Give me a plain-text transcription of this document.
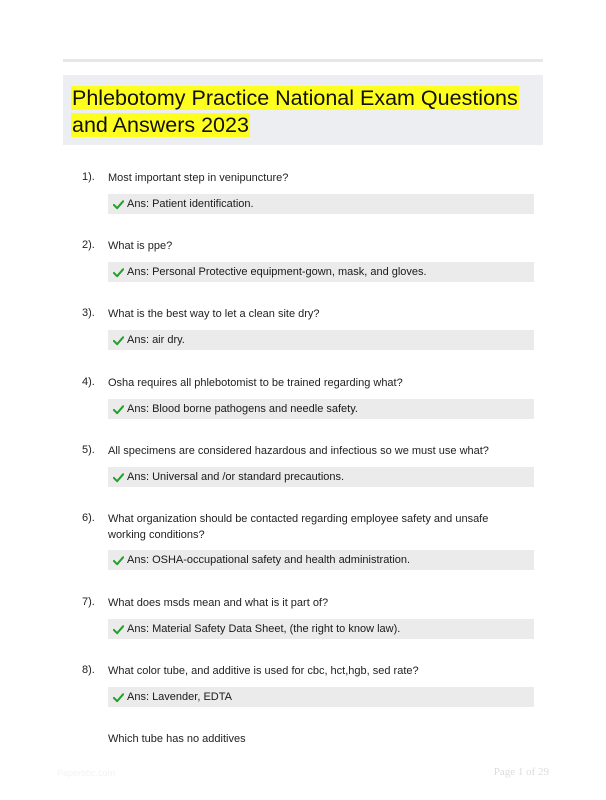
Phlebotomy Practice National Exam Questions and Answers 2023
1). Most important step in venipuncture?
Ans: Patient identification.
2). What is ppe?
Ans: Personal Protective equipment-gown, mask, and gloves.
3). What is the best way to let a clean site dry?
Ans: air dry.
4). Osha requires all phlebotomist to be trained regarding what?
Ans: Blood borne pathogens and needle safety.
5). All specimens are considered hazardous and infectious so we must use what?
Ans: Universal and /or standard precautions.
6). What organization should be contacted regarding employee safety and unsafe working conditions?
Ans: OSHA-occupational safety and health administration.
7). What does msds mean and what is it part of?
Ans: Material Safety Data Sheet, (the right to know law).
8). What color tube, and additive is used for cbc, hct,hgb, sed rate?
Ans: Lavender, EDTA
Which tube has no additives
Paperbbc.com	Page 1 of 29
